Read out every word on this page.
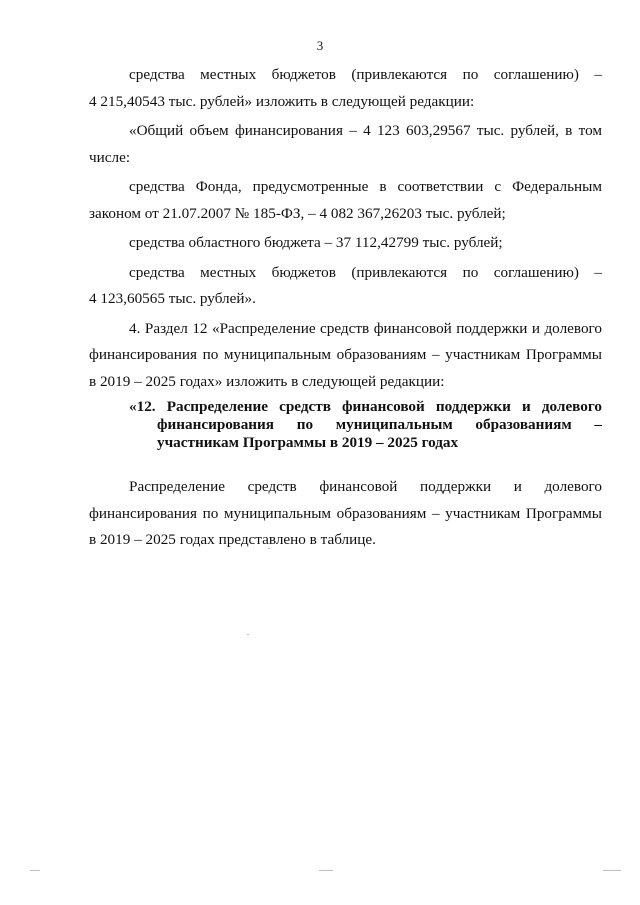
3

средства местных бюджетов (привлекаются по соглашению) –

4 215,40543 тыс. рублей» изложить в следующей редакции:

«Общий объем финансирования – 4 123 603,29567 тыс. рублей, в том числе:

средства Фонда, предусмотренные в соответствии с Федеральным законом от 21.07.2007 № 185-ФЗ, – 4 082 367,26203 тыс. рублей;

средства областного бюджета – 37 112,42799 тыс. рублей;

средства местных бюджетов (привлекаются по соглашению) –

4 123,60565 тыс. рублей».

4. Раздел 12 «Распределение средств финансовой поддержки и долевого финансирования по муниципальным образованиям – участникам Программы в 2019 – 2025 годах» изложить в следующей редакции:

«12. Распределение средств финансовой поддержки и долевого
финансирования по муниципальным образованиям –
участникам Программы в 2019 – 2025 годах

Распределение средств финансовой поддержки и долевого финансирования по муниципальным образованиям – участникам Программы в 2019 – 2025 годах представлено в таблице.
